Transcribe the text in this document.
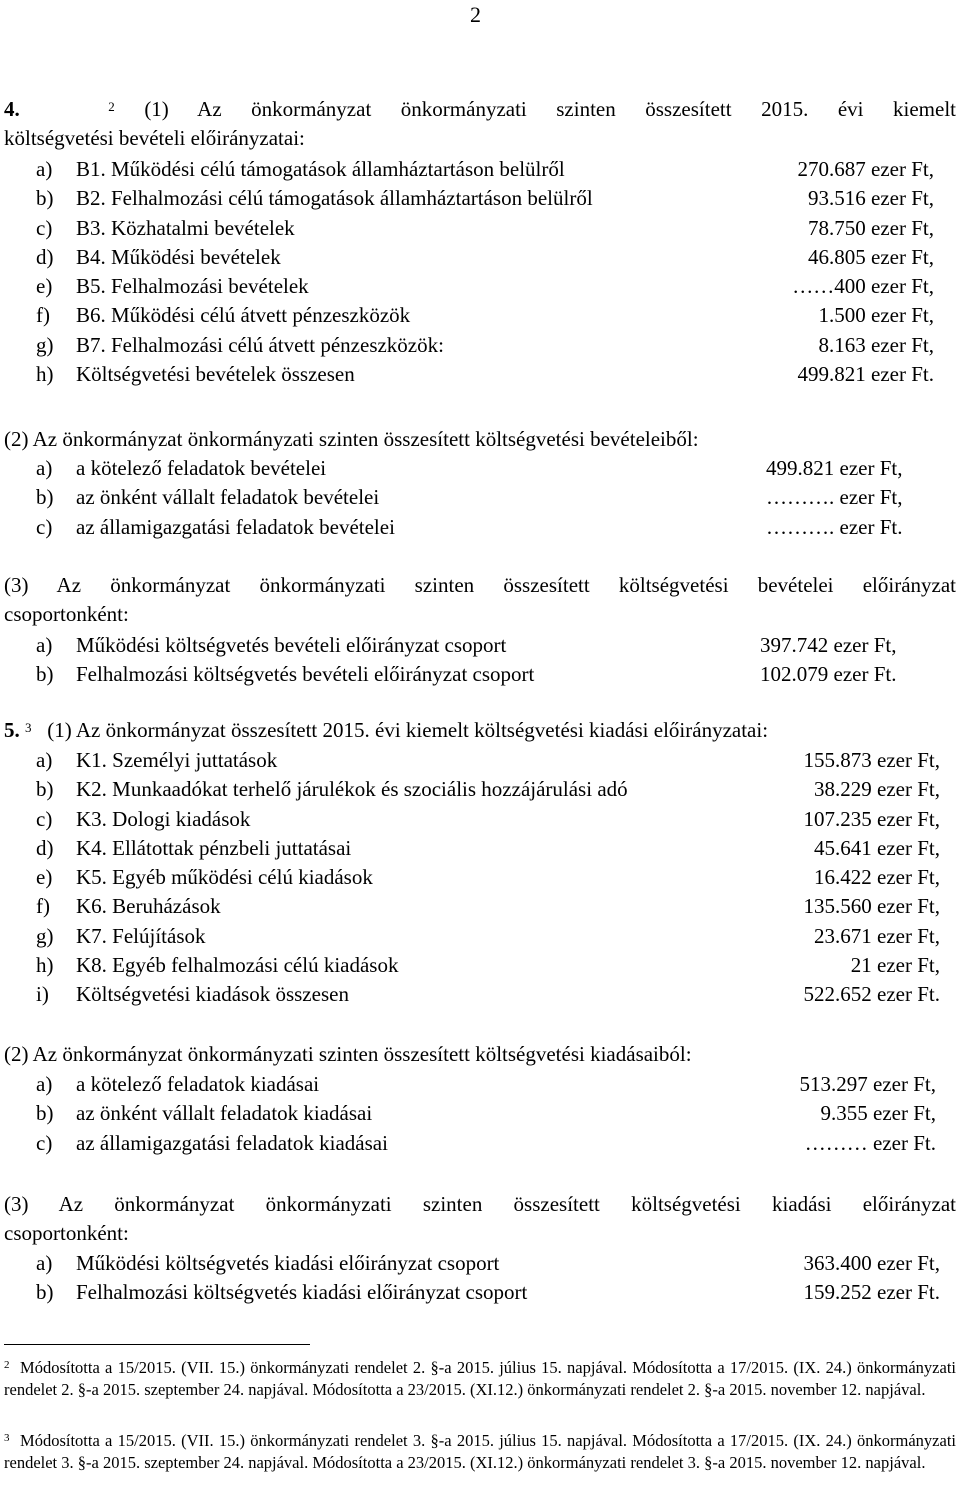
2
4.	$^2$ (1) Az önkormányzat önkormányzati szinten összesített 2015. évi kiemelt
költségvetési bevételi előirányzatai:
a) B1. Működési célú támogatások államháztartáson belülről	270.687 ezer Ft,
b) B2. Felhalmozási célú támogatások államháztartáson belülről	93.516 ezer Ft,
c) B3. Közhatalmi bevételek	78.750 ezer Ft,
d) B4. Működési bevételek	46.805 ezer Ft,
e) B5. Felhalmozási bevételek	……400 ezer Ft,
f) B6. Működési célú átvett pénzeszközök	1.500 ezer Ft,
g) B7. Felhalmozási célú átvett pénzeszközök:	8.163 ezer Ft,
h) Költségvetési bevételek összesen	499.821 ezer Ft.
(2) Az önkormányzat önkormányzati szinten összesített költségvetési bevételeiből:
a) a kötelező feladatok bevételei	499.821 ezer Ft,
b) az önként vállalt feladatok bevételei	………. ezer Ft,
c) az államigazgatási feladatok bevételei	………. ezer Ft.
(3) Az önkormányzat önkormányzati szinten összesített költségvetési bevételei előirányzat
csoportonként:
a) Működési költségvetés bevételi előirányzat csoport	397.742 ezer Ft,
b) Felhalmozási költségvetés bevételi előirányzat csoport	102.079 ezer Ft.
5. $^3$ (1) Az önkormányzat összesített 2015. évi kiemelt költségvetési kiadási előirányzatai:
a) K1. Személyi juttatások	155.873 ezer Ft,
b) K2. Munkaadókat terhelő járulékok és szociális hozzájárulási adó	38.229 ezer Ft,
c) K3. Dologi kiadások	107.235 ezer Ft,
d) K4. Ellátottak pénzbeli juttatásai	45.641 ezer Ft,
e) K5. Egyéb működési célú kiadások	16.422 ezer Ft,
f) K6. Beruházások	135.560 ezer Ft,
g) K7. Felújítások	23.671 ezer Ft,
h) K8. Egyéb felhalmozási célú kiadások	21 ezer Ft,
i) Költségvetési kiadások összesen	522.652 ezer Ft.
(2) Az önkormányzat önkormányzati szinten összesített költségvetési kiadásaiból:
a) a kötelező feladatok kiadásai	513.297 ezer Ft,
b) az önként vállalt feladatok kiadásai	9.355 ezer Ft,
c) az államigazgatási feladatok kiadásai	……… ezer Ft.
(3) Az önkormányzat önkormányzati szinten összesített költségvetési kiadási előirányzat
csoportonként:
a) Működési költségvetés kiadási előirányzat csoport	363.400 ezer Ft,
b) Felhalmozási költségvetés kiadási előirányzat csoport	159.252 ezer Ft.
$^2$ Módosította a 15/2015. (VII. 15.) önkormányzati rendelet 2. §-a 2015. július 15. napjával. Módosította a 17/2015. (IX. 24.) önkormányzati rendelet 2. §-a 2015. szeptember 24. napjával. Módosította a 23/2015. (XI.12.) önkormányzati rendelet 2. §-a 2015. november 12. napjával.
$^3$ Módosította a 15/2015. (VII. 15.) önkormányzati rendelet 3. §-a 2015. július 15. napjával. Módosította a 17/2015. (IX. 24.) önkormányzati rendelet 3. §-a 2015. szeptember 24. napjával. Módosította a 23/2015. (XI.12.) önkormányzati rendelet 3. §-a 2015. november 12. napjával.
